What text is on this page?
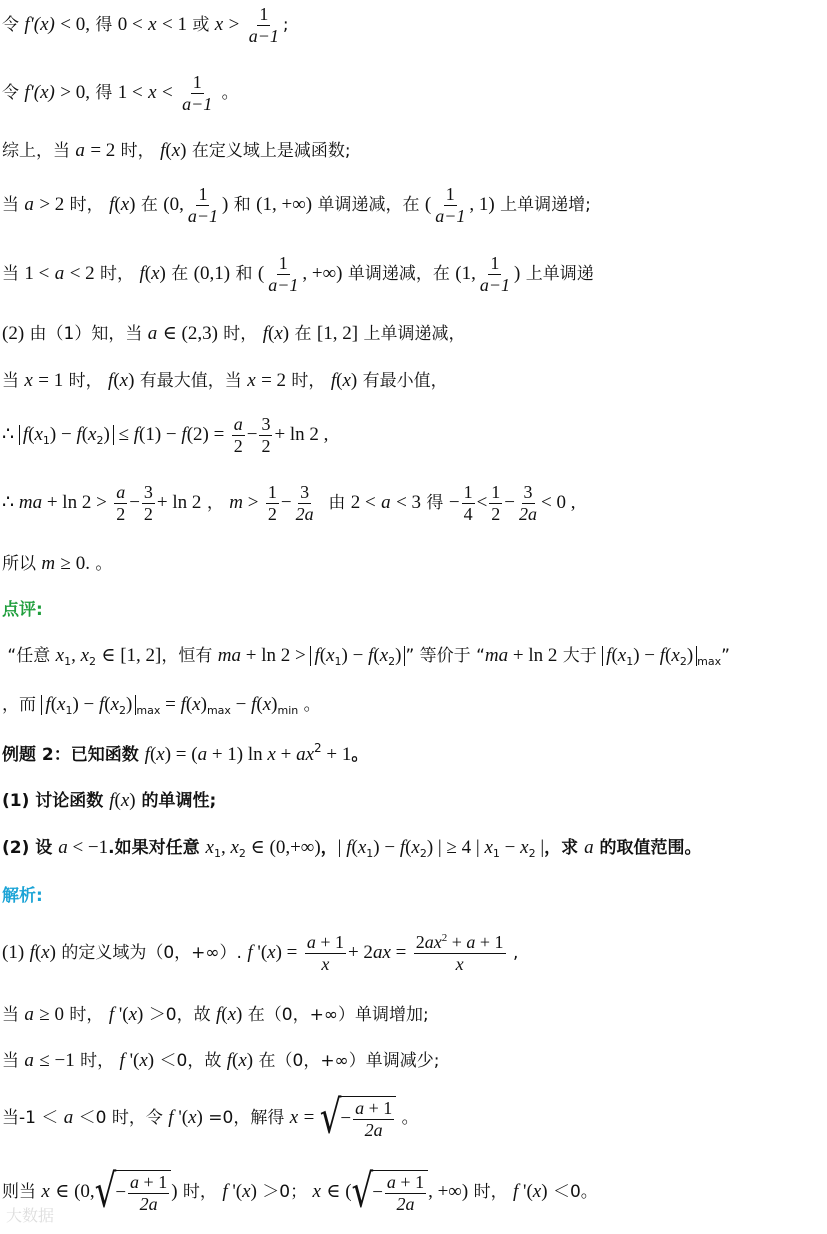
令 f'(x) < 0, 得 0 < x < 1 或 $x > \frac{1}{a-1}$ ;
令 f'(x) > 0, 得 $1 < x < \frac{1}{a-1}$ 。
综上，当 a = 2 时， f(x) 在定义域上是减函数;
当 a > 2 时， f(x) 在 (0, $\frac{1}{a-1}$ ) 和 (1, +∞) 单调递减，在 ( $\frac{1}{a-1}$ , 1) 上单调递增;
当 1 < a < 2 时， f(x) 在 (0,1) 和 ( $\frac{1}{a-1}$ , +∞) 单调递减，在 (1, $\frac{1}{a-1}$ ) 上单调递
(2) 由（1）知，当 a ∈ (2,3) 时， f(x) 在 [1, 2] 上单调递减，
当 x = 1 时， f(x) 有最大值，当 x = 2 时， f(x) 有最小值，
∴ $f(x_1) - f(x_2) \le f(1) - f(2) = \frac{a}{2} - \frac{3}{2} + \ln 2$ ,
∴ ma + $\ln 2 > \frac{a}{2} - \frac{3}{2} + \ln 2$ ， $m > \frac{1}{2} - \frac{3}{2a}$ 由 2 < a < 3 得 − $\frac{1}{4} < \frac{1}{2} - \frac{3}{2a} < 0$ ,
所以 m ≥ 0. 。
点评:
“任意 $x_1$, $x_2$ ∈ [1, 2]，恒有 ma + $\ln 2 > f(x_1) - f(x_2)$ ” 等价于 “ma + ln 2 大于 $f(x_1) - f(x_2)$ $_{max}$”
，而 $f(x_1) - f(x_2) _{max} = f(x)_{max} - f(x)_{min}$ 。
例题 2：已知函数 f(x) = (a + 1) $\ln x + ax^2 + 1$。
(1) 讨论函数 f(x) 的单调性;
(2) 设 a < −1.如果对任意 $x_1$, $x_2$ ∈ (0,+∞)，| $f(x_1) - f(x_2)$ | ≥ 4 | $x_1 - x_2$ |，求 a 的取值范围。
解析:
(1) f(x) 的定义域为（0，+∞）. f '$(x) = \frac{a + 1}{x} + 2ax = \frac{2ax^2 + a + 1}{x}$ ,
当 a ≥ 0 时， f '(x) ＞0，故 f(x) 在（0，+∞）单调增加;
当 a ≤ −1 时， f '(x) ＜0，故 f(x) 在（0，+∞）单调减少;
当-1 ＜ a ＜0 时，令 f '(x) =0，解得 x = √ − $\frac{a + 1}{2a}$ 。
则当 x ∈ (0, √ − $\frac{a + 1}{2a}$ ) 时， f '(x) ＞0； x ∈ ( √ − $\frac{a + 1}{2a}$ , +∞) 时， f '(x) ＜0。
大数据
